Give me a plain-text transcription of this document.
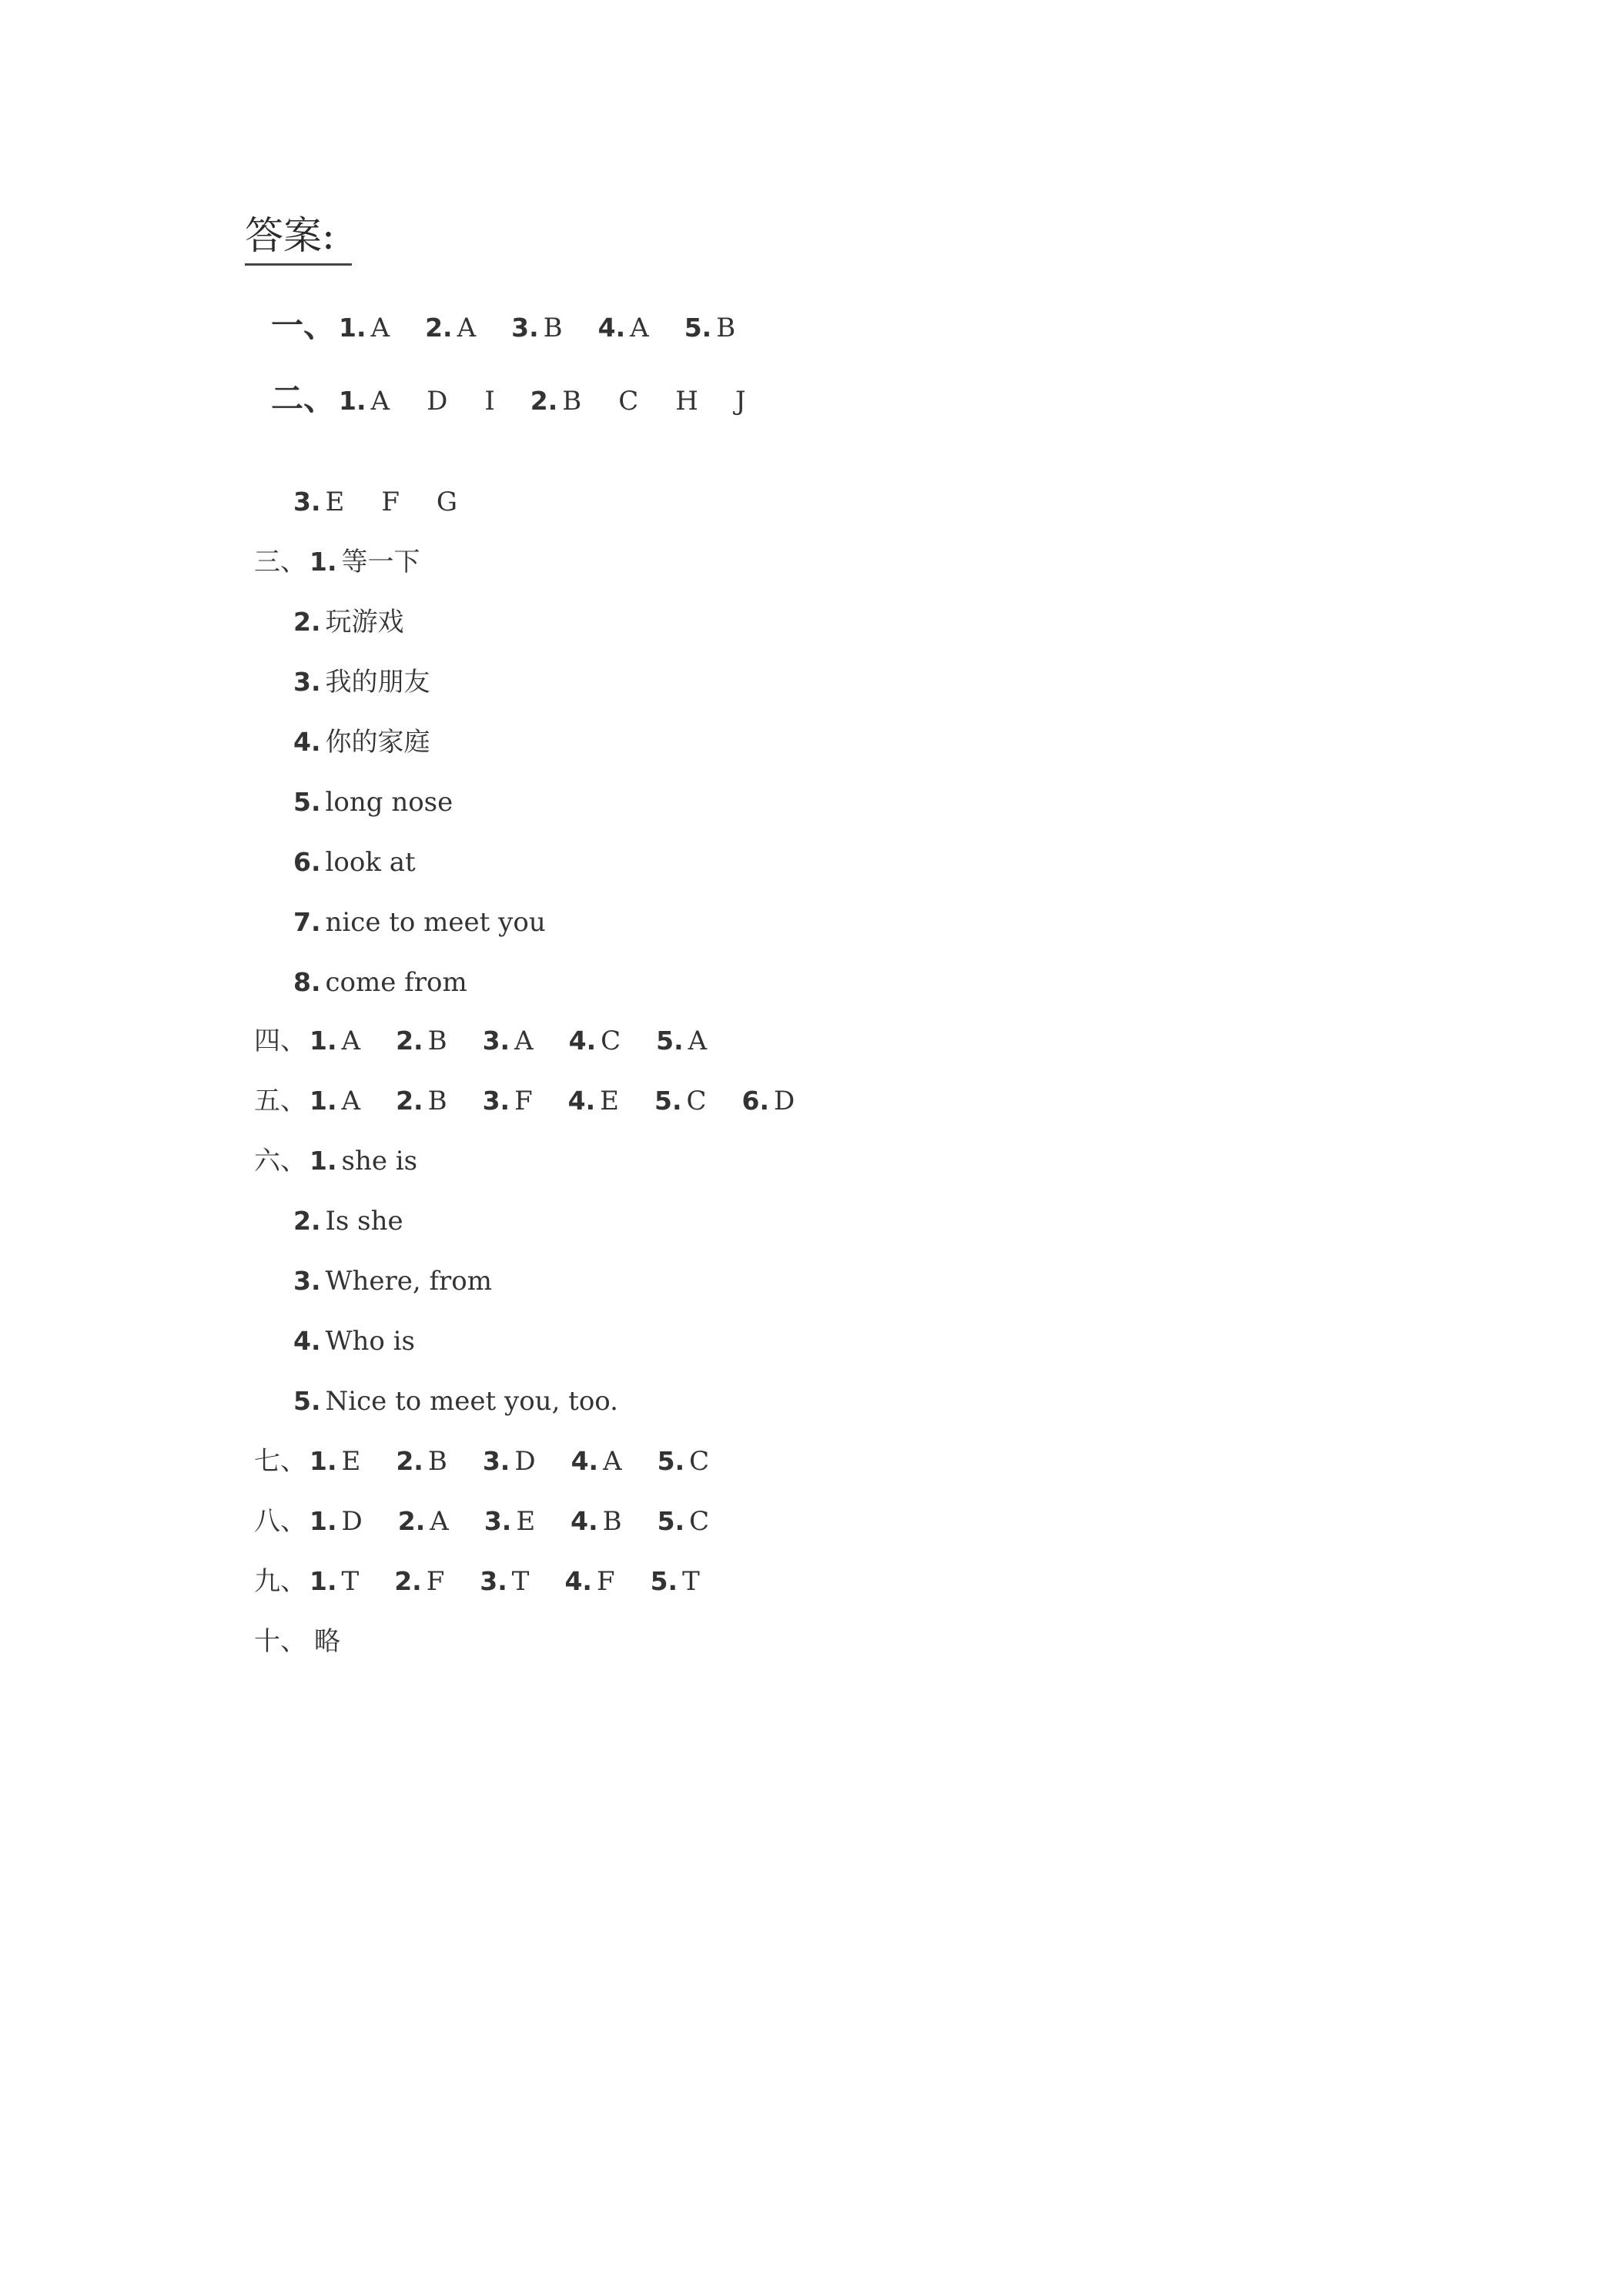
答案:
一、 1. A 2. A 3. B 4. A 5. B
二、 1. A D I 2. B C H J
3. E F G
三、 1. 等一下
2. 玩游戏
3. 我的朋友
4. 你的家庭
5. long nose
6. look at
7. nice to meet you
8. come from
四、 1. A 2. B 3. A 4. C 5. A
五、 1. A 2. B 3. F 4. E 5. C 6. D
六、 1. she is
2. Is she
3. Where, from
4. Who is
5. Nice to meet you, too.
七、 1. E 2. B 3. D 4. A 5. C
八、 1. D 2. A 3. E 4. B 5. C
九、 1. T 2. F 3. T 4. F 5. T
十、 略
